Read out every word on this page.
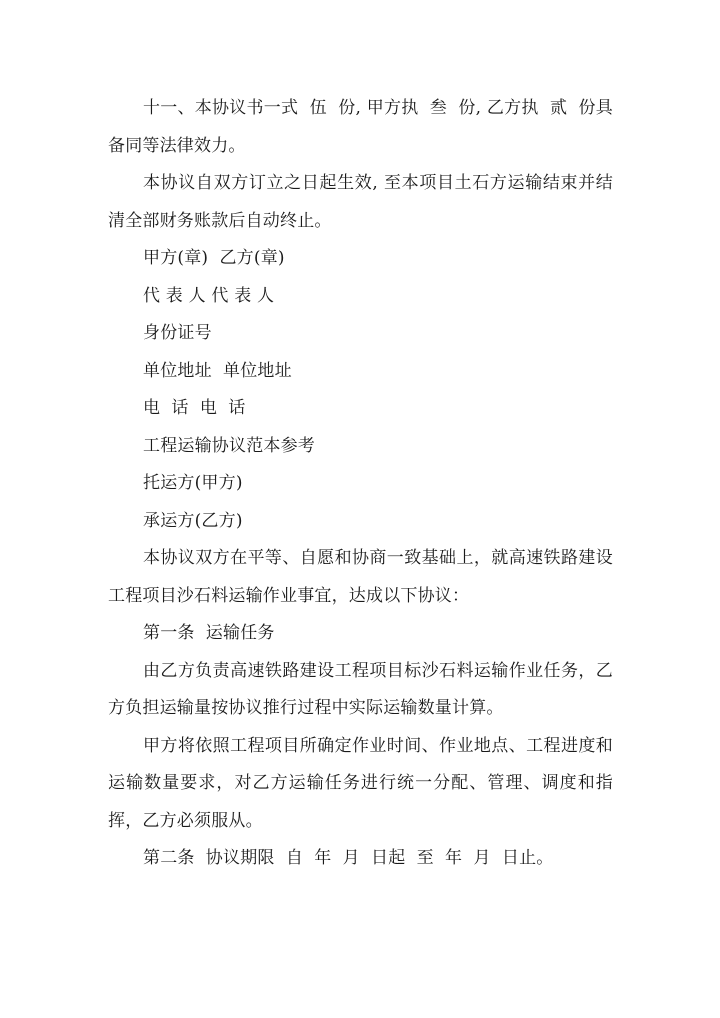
十一、本协议书一式  伍  份, 甲方执  叁  份, 乙方执  贰  份具备同等法律效力。

本协议自双方订立之日起生效, 至本项目土石方运输结束并结清全部财务账款后自动终止。

甲方(章)  乙方(章)

代 表 人 代 表 人

身份证号

单位地址  单位地址

电  话  电  话

工程运输协议范本参考

托运方(甲方)

承运方(乙方)

本协议双方在平等、自愿和协商一致基础上，就高速铁路建设工程项目沙石料运输作业事宜，达成以下协议：

第一条  运输任务

由乙方负责高速铁路建设工程项目标沙石料运输作业任务，乙方负担运输量按协议推行过程中实际运输数量计算。

甲方将依照工程项目所确定作业时间、作业地点、工程进度和运输数量要求，对乙方运输任务进行统一分配、管理、调度和指挥，乙方必须服从。

第二条  协议期限  自  年  月  日起  至  年  月  日止。
